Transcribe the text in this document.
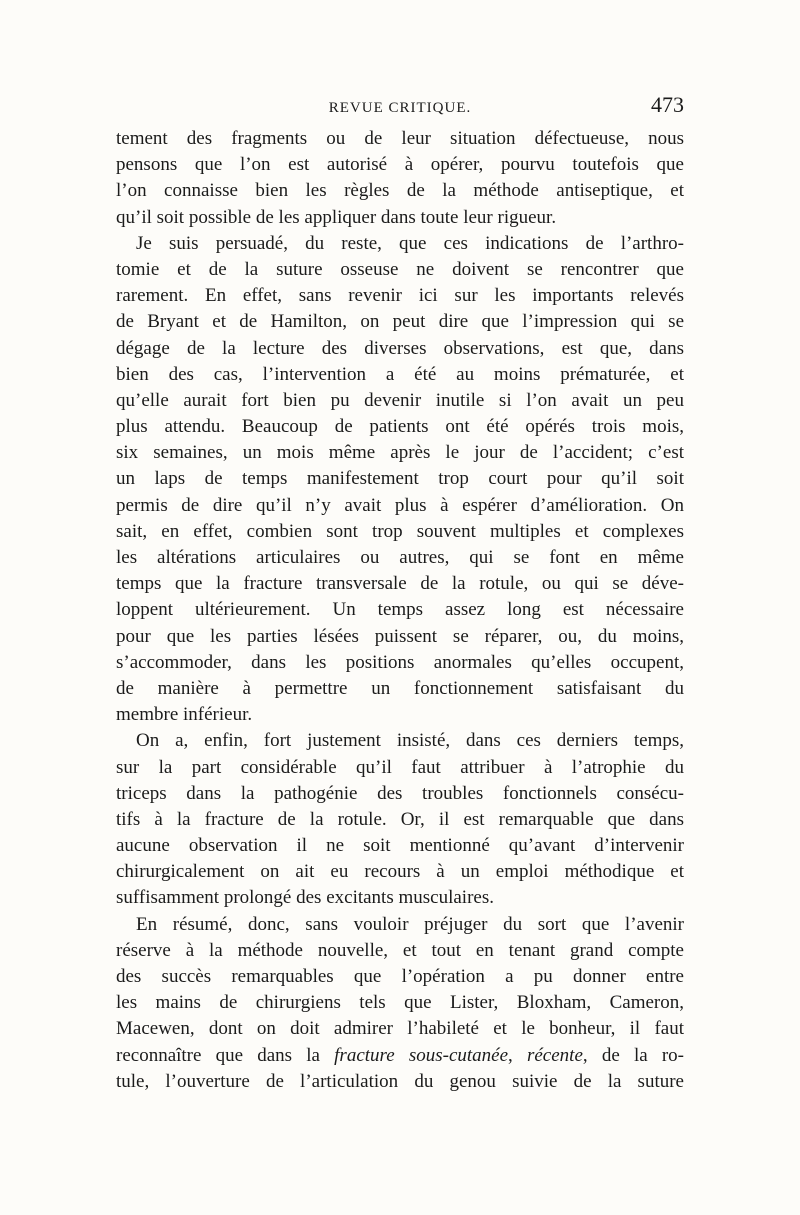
REVUE CRITIQUE.	473
tement des fragments ou de leur situation défectueuse, nous
pensons que l’on est autorisé à opérer, pourvu toutefois que
l’on connaisse bien les règles de la méthode antiseptique, et
qu’il soit possible de les appliquer dans toute leur rigueur.
Je suis persuadé, du reste, que ces indications de l’arthro-
tomie et de la suture osseuse ne doivent se rencontrer que
rarement. En effet, sans revenir ici sur les importants relevés
de Bryant et de Hamilton, on peut dire que l’impression qui se
dégage de la lecture des diverses observations, est que, dans
bien des cas, l’intervention a été au moins prématurée, et
qu’elle aurait fort bien pu devenir inutile si l’on avait un peu
plus attendu. Beaucoup de patients ont été opérés trois mois,
six semaines, un mois même après le jour de l’accident; c’est
un laps de temps manifestement trop court pour qu’il soit
permis de dire qu’il n’y avait plus à espérer d’amélioration. On
sait, en effet, combien sont trop souvent multiples et complexes
les altérations articulaires ou autres, qui se font en même
temps que la fracture transversale de la rotule, ou qui se déve-
loppent ultérieurement. Un temps assez long est nécessaire
pour que les parties lésées puissent se réparer, ou, du moins,
s’accommoder, dans les positions anormales qu’elles occupent,
de manière à permettre un fonctionnement satisfaisant du
membre inférieur.
On a, enfin, fort justement insisté, dans ces derniers temps,
sur la part considérable qu’il faut attribuer à l’atrophie du
triceps dans la pathogénie des troubles fonctionnels consécu-
tifs à la fracture de la rotule. Or, il est remarquable que dans
aucune observation il ne soit mentionné qu’avant d’intervenir
chirurgicalement on ait eu recours à un emploi méthodique et
suffisamment prolongé des excitants musculaires.
En résumé, donc, sans vouloir préjuger du sort que l’avenir
réserve à la méthode nouvelle, et tout en tenant grand compte
des succès remarquables que l’opération a pu donner entre
les mains de chirurgiens tels que Lister, Bloxham, Cameron,
Macewen, dont on doit admirer l’habileté et le bonheur, il faut
reconnaître que dans la fracture sous-cutanée, récente, de la ro-
tule, l’ouverture de l’articulation du genou suivie de la suture
